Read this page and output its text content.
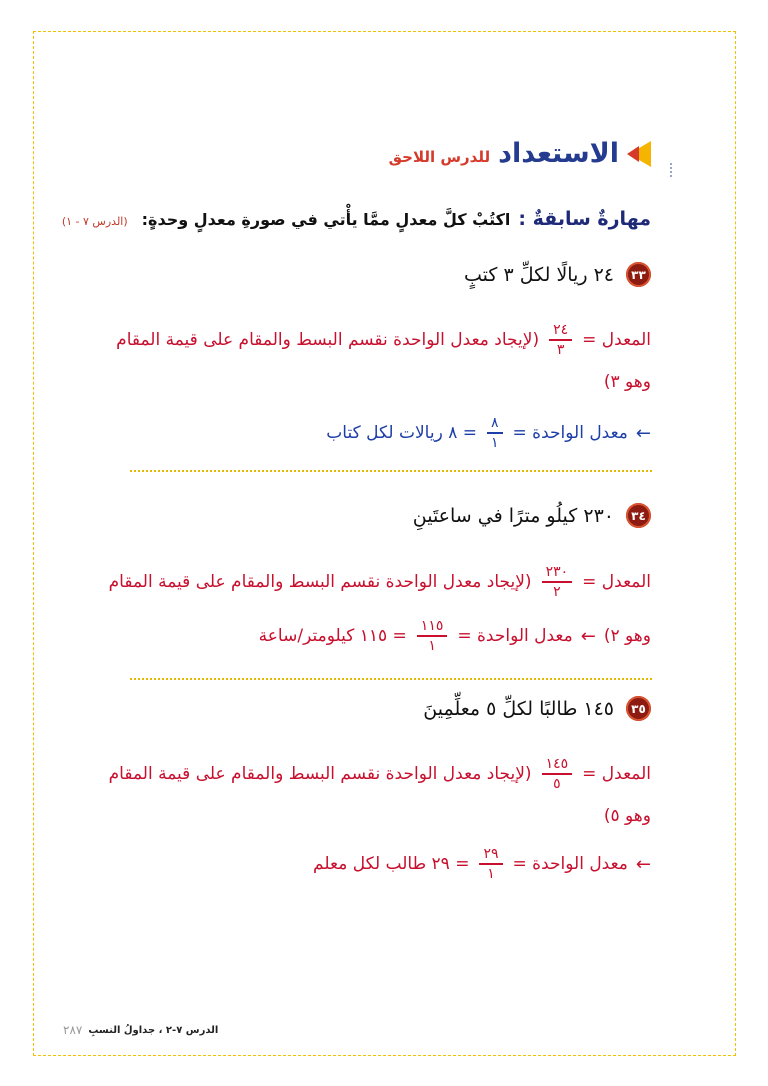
الاستعداد
للدرس اللاحق
مهارةٌ سابقةٌ :
اكتُبْ كلَّ معدلٍ ممَّا يأْتي في صورةِ معدلٍ وحدةٍ:
(الدرس ٧ - ١)
٣٣
٢٤ ريالًا لكلِّ ٣ كتبٍ
المعدل =
$\frac{٢٤}{٣}$
(لإيجاد معدل الواحدة نقسم البسط والمقام على قيمة المقام
وهو ٣)
←
معدل الواحدة =
$\frac{٨}{١}$
= ٨ ريالات لكل كتاب
٣٤
٢٣٠ كيلُو مترًا في ساعتَينِ
المعدل =
$\frac{٢٣٠}{٢}$
(لإيجاد معدل الواحدة نقسم البسط والمقام على قيمة المقام
وهو ٢)
←
معدل الواحدة =
$\frac{١١٥}{١}$
= ١١٥ كيلومتر/ساعة
٣٥
١٤٥ طالبًا لكلِّ ٥ معلِّمِينَ
المعدل =
$\frac{١٤٥}{٥}$
(لإيجاد معدل الواحدة نقسم البسط والمقام على قيمة المقام
وهو ٥)
←
معدل الواحدة =
$\frac{٢٩}{١}$
= ٢٩ طالب لكل معلم
الدرس ٧-٢ ، جداولُ النسبِ
٢٨٧
